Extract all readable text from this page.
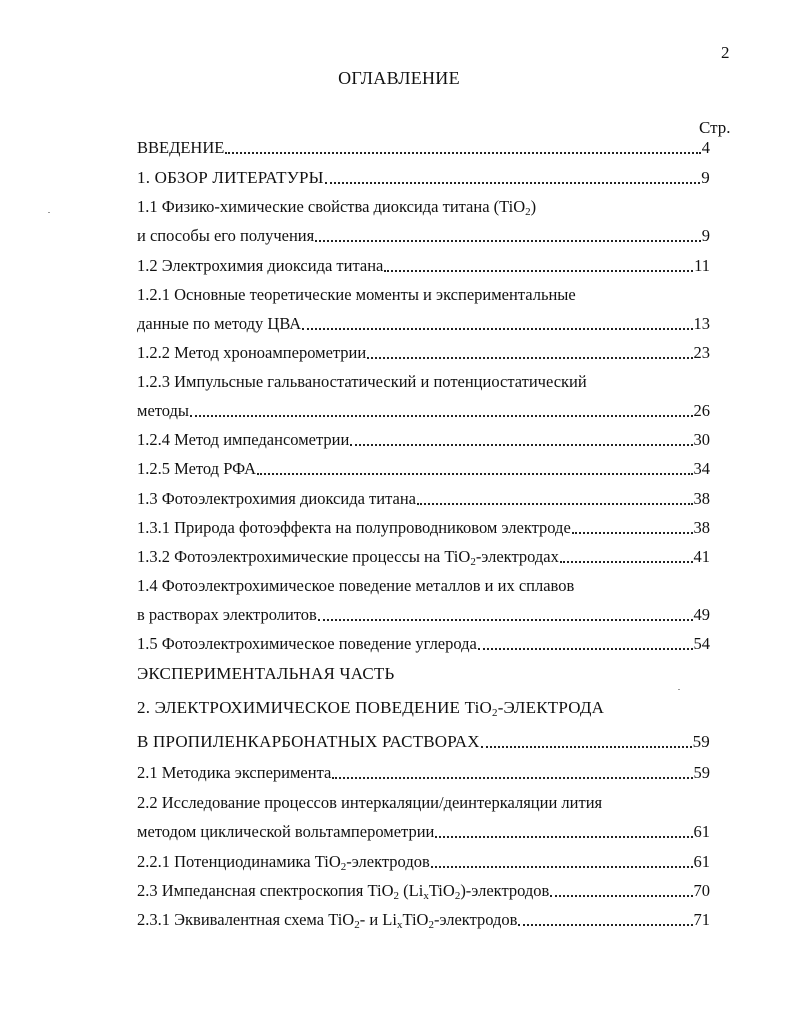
2
ОГЛАВЛЕНИЕ
Стр.
ВВЕДЕНИЕ	4
1. ОБЗОР ЛИТЕРАТУРЫ	9
1.1 Физико-химические свойства диоксида титана (TiO$_2$)
и способы его получения	9
1.2 Электрохимия диоксида титана	11
1.2.1 Основные теоретические моменты и экспериментальные
данные по методу ЦВА	13
1.2.2 Метод хроноамперометрии	23
1.2.3 Импульсные гальваностатический и потенциостатический
методы	26
1.2.4 Метод импедансометрии	30
1.2.5 Метод РФА	34
1.3 Фотоэлектрохимия диоксида титана	38
1.3.1 Природа фотоэффекта на полупроводниковом электроде	38
1.3.2 Фотоэлектрохимические процессы на TiO$_2$-электродах	41
1.4 Фотоэлектрохимическое поведение металлов и их сплавов
в растворах электролитов	49
1.5 Фотоэлектрохимическое поведение углерода	54
ЭКСПЕРИМЕНТАЛЬНАЯ ЧАСТЬ
2. ЭЛЕКТРОХИМИЧЕСКОЕ ПОВЕДЕНИЕ TiO$_2$-ЭЛЕКТРОДА
В ПРОПИЛЕНКАРБОНАТНЫХ РАСТВОРАХ	59
2.1 Методика эксперимента	59
2.2 Исследование процессов интеркаляции/деинтеркаляции лития
методом циклической вольтамперометрии	61
2.2.1 Потенциодинамика TiO$_2$-электродов	61
2.3 Импедансная спектроскопия TiO$_2$ $(Li_xTiO_2)$-электродов	70
2.3.1 Эквивалентная схема TiO$_2$- и $Li_xTiO_2$-электродов	71
